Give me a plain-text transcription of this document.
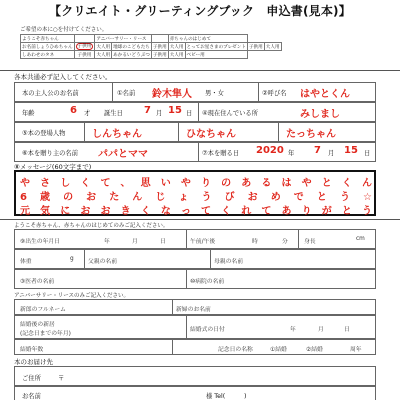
【クリエイト・グリーティングブック　申込書(見本)】
ご希望の本に○を付けてください。
ようこそ赤ちゃん		アニバーサリー・リース			赤ちゃんのはじめて			
お名前しょうひめちゃん	子供用	大人用	地球のこどもたち	子供用	大人用	とってお星さまのプレゼント	子供用	大人用
しあわせのタネ	子供用	大人用	あかるいどうぶつ	子供用	大人用	ベビー用		
各本共通必ず記入してください。
本の主人公のお名前	①名前 鈴木隼人 男・女	②呼び名 はやとくん
年齢	6 才 誕生日 7 月 15 日 ④現在住んでいる所	みしまし
⑤本の登場人物	しんちゃん	ひなちゃん	たっちゃん
⑥本を贈り主の名前 パパとママ	⑦本を贈る日 2020 年 7 月 15 日
⑧メッセージ(60文字まで)
やさしくて、思いやりのあるはやとくん
6歳のおたんじょうびおめでとう☆
元気におおきくなってくれてありがとう
ようこそ赤ちゃん、赤ちゃんのはじめてのみご記入ください。
⑨出生の年月日	年	月	日	午前/午後	時	分	身長	cm
体重	g 父親の名前	母親の名前
③医者の名前	⑩病院の名前
アニバーサリー・リースのみご記入ください。
新郎のフルネーム	新婦のお名前
結婚後の新居
(記念日までの年月)
結婚式の日付	年	月	日
結婚年数	記念日の名称	①結婚	②結婚	周年
本のお届け先
ご住所	〒
お名前	様 Tel(　　　)
